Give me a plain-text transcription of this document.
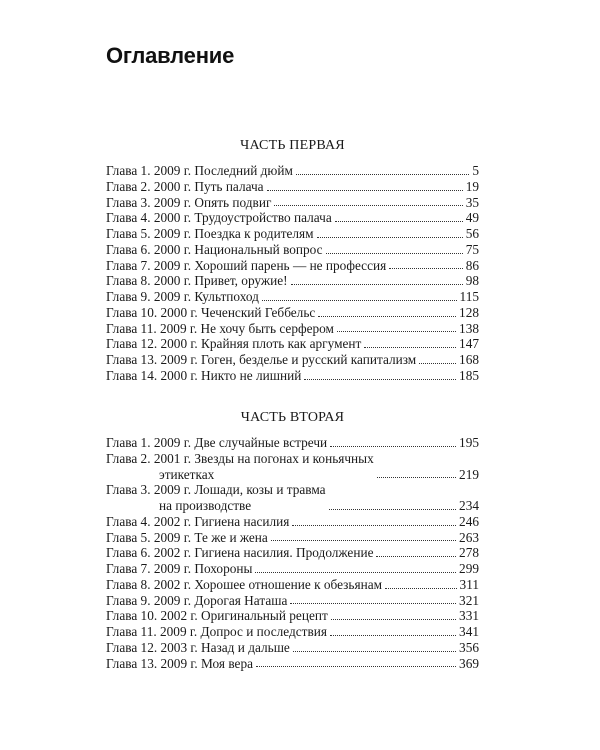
Оглавление
ЧАСТЬ ПЕРВАЯ
Глава 1. 2009 г. Последний дюйм	5
Глава 2. 2000 г. Путь палача	19
Глава 3. 2009 г. Опять подвиг	35
Глава 4. 2000 г. Трудоустройство палача	49
Глава 5. 2009 г. Поездка к родителям	56
Глава 6. 2000 г. Национальный вопрос	75
Глава 7. 2009 г. Хороший парень — не профессия	86
Глава 8. 2000 г. Привет, оружие!	98
Глава 9. 2009 г. Культпоход	115
Глава 10. 2000 г. Чеченский Геббельс	128
Глава 11. 2009 г. Не хочу быть серфером	138
Глава 12. 2000 г. Крайняя плоть как аргумент	147
Глава 13. 2009 г. Гоген, безделье и русский капитализм	168
Глава 14. 2000 г. Никто не лишний	185
ЧАСТЬ ВТОРАЯ
Глава 1. 2009 г. Две случайные встречи	195
Глава 2. 2001 г. Звезды на погонах и коньячных
этикетках	219
Глава 3. 2009 г. Лошади, козы и травма
на производстве	234
Глава 4. 2002 г. Гигиена насилия	246
Глава 5. 2009 г. Те же и жена	263
Глава 6. 2002 г. Гигиена насилия. Продолжение	278
Глава 7. 2009 г. Похороны	299
Глава 8. 2002 г. Хорошее отношение к обезьянам	311
Глава 9. 2009 г. Дорогая Наташа	321
Глава 10. 2002 г. Оригинальный рецепт	331
Глава 11. 2009 г. Допрос и последствия	341
Глава 12. 2003 г. Назад и дальше	356
Глава 13. 2009 г. Моя вера	369
